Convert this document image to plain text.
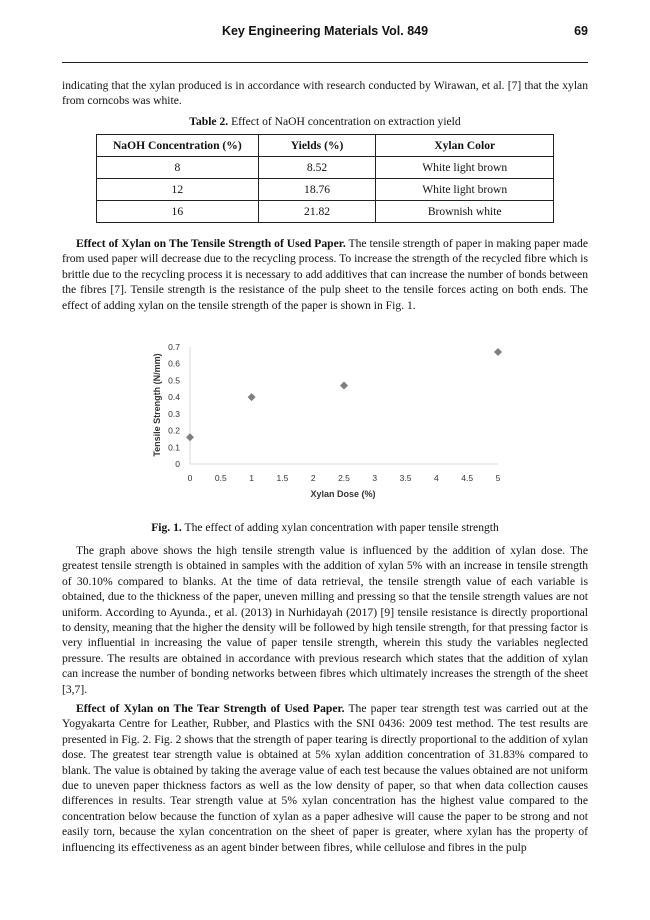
Key Engineering Materials Vol. 849	69

indicating that the xylan produced is in accordance with research conducted by Wirawan, et al. [7] that the xylan from corncobs was white.

Table 2. Effect of NaOH concentration on extraction yield
NaOH Concentration (%)	Yields (%)	Xylan Color
8	8.52	White light brown
12	18.76	White light brown
16	21.82	Brownish white

Effect of Xylan on The Tensile Strength of Used Paper. The tensile strength of paper in making paper made from used paper will decrease due to the recycling process. To increase the strength of the recycled fibre which is brittle due to the recycling process it is necessary to add additives that can increase the number of bonds between the fibres [7]. Tensile strength is the resistance of the pulp sheet to the tensile forces acting on both ends. The effect of adding xylan on the tensile strength of the paper is shown in Fig. 1.

0	0.5	1	1.5	2	2.5	3	3.5	4	4.5	5
0
0.1
0.2
0.3
0.4
0.5
0.6
0.7
Xylan Dose (%)
Tensile Strength (N/mm)
Fig. 1. The effect of adding xylan concentration with paper tensile strength

The graph above shows the high tensile strength value is influenced by the addition of xylan dose. The greatest tensile strength is obtained in samples with the addition of xylan 5% with an increase in tensile strength of 30.10% compared to blanks. At the time of data retrieval, the tensile strength value of each variable is obtained, due to the thickness of the paper, uneven milling and pressing so that the tensile strength values are not uniform. According to Ayunda., et al. (2013) in Nurhidayah (2017) [9] tensile resistance is directly proportional to density, meaning that the higher the density will be followed by high tensile strength, for that pressing factor is very influential in increasing the value of paper tensile strength, wherein this study the variables neglected pressure. The results are obtained in accordance with previous research which states that the addition of xylan can increase the number of bonding networks between fibres which ultimately increases the strength of the sheet [3,7].

Effect of Xylan on The Tear Strength of Used Paper. The paper tear strength test was carried out at the Yogyakarta Centre for Leather, Rubber, and Plastics with the SNI 0436: 2009 test method. The test results are presented in Fig. 2. Fig. 2 shows that the strength of paper tearing is directly proportional to the addition of xylan dose. The greatest tear strength value is obtained at 5% xylan addition concentration of 31.83% compared to blank. The value is obtained by taking the average value of each test because the values obtained are not uniform due to uneven paper thickness factors as well as the low density of paper, so that when data collection causes differences in results. Tear strength value at 5% xylan concentration has the highest value compared to the concentration below because the function of xylan as a paper adhesive will cause the paper to be strong and not easily torn, because the xylan concentration on the sheet of paper is greater, where xylan has the property of influencing its effectiveness as an agent binder between fibres, while cellulose and fibres in the pulp
